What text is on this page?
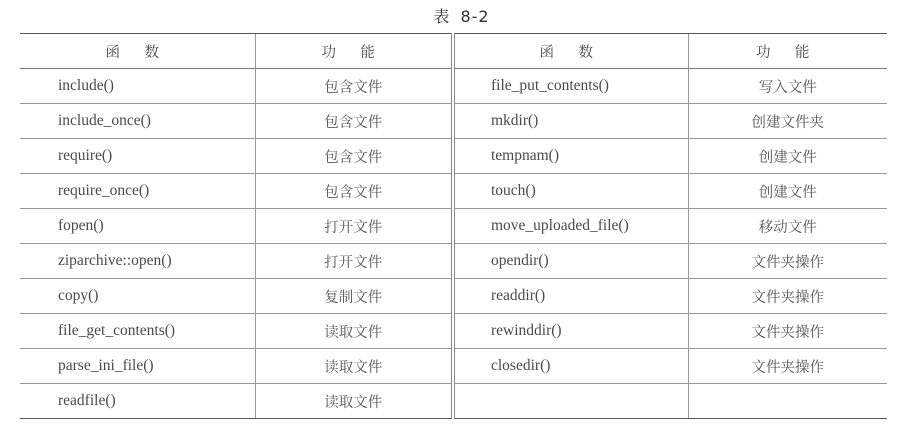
表 8-2
函 数	功 能	函 数	功 能
include()	包含文件	file_put_contents()	写入文件
include_once()	包含文件	mkdir()	创建文件夹
require()	包含文件	tempnam()	创建文件
require_once()	包含文件	touch()	创建文件
fopen()	打开文件	move_uploaded_file()	移动文件
ziparchive::open()	打开文件	opendir()	文件夹操作
copy()	复制文件	readdir()	文件夹操作
file_get_contents()	读取文件	rewinddir()	文件夹操作
parse_ini_file()	读取文件	closedir()	文件夹操作
readfile()	读取文件		
